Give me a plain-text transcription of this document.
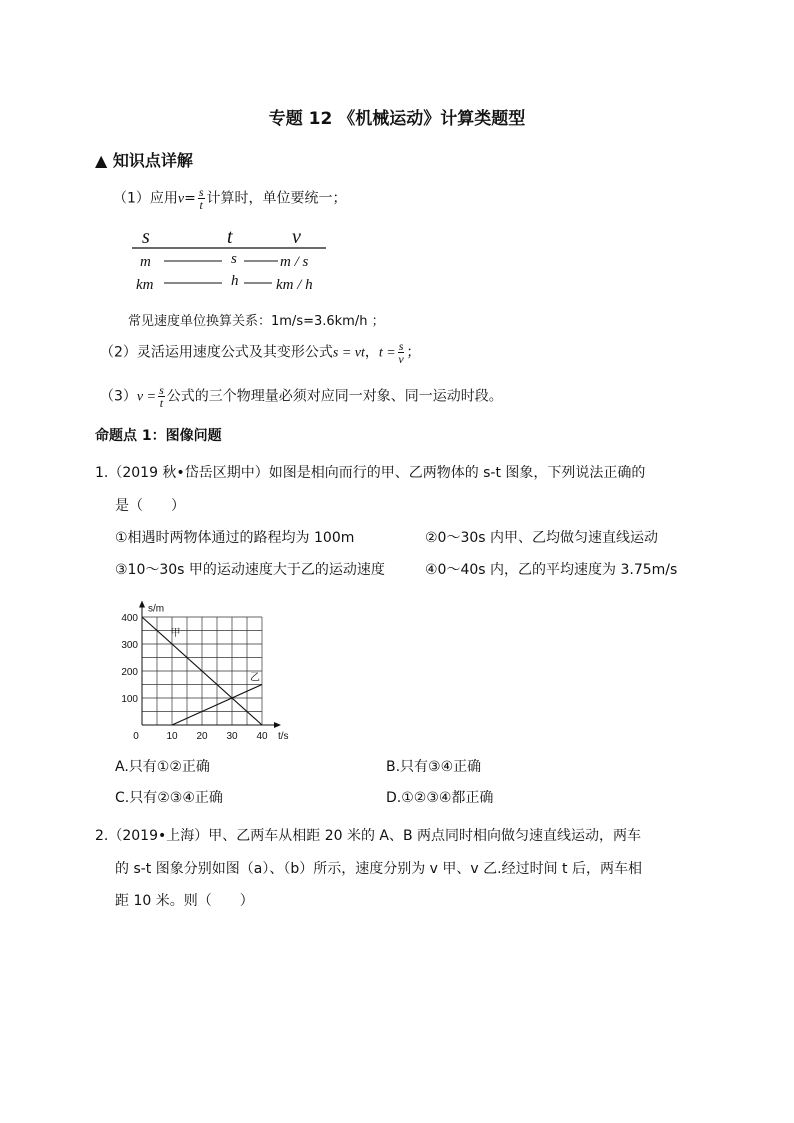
专题 12 《机械运动》计算类题型
▲ 知识点详解
（1）应用$v= \frac{s}{t}$ 计算时，单位要统一；
s	t	v
m	s	m / s
km	h	km / h
常见速度单位换算关系：1m/s=3.6km/h ；
（2）灵活运用速度公式及其变形公式s = vt，$t = \frac{s}{v}$ ；
$(3)v = \frac{s}{t}$ 公式的三个物理量必须对应同一对象、同一运动时段。
命题点 1：图像问题
1.（2019 秋•岱岳区期中）如图是相向而行的甲、乙两物体的 s-t 图象，下列说法正确的
是（　　）
①相遇时两物体通过的路程均为 100m	②0～30s 内甲、乙均做匀速直线运动
③10～30s 甲的运动速度大于乙的运动速度	④0～40s 内，乙的平均速度为 3.75m/s
0	10 20 30 40
100
200
300
400
t/s
s/m
甲
乙
A.只有①②正确	B.只有③④正确
C.只有②③④正确	D.①②③④都正确
2.（2019•上海）甲、乙两车从相距 20 米的 A、B 两点同时相向做匀速直线运动，两车
的 s-t 图象分别如图（a）、（b）所示，速度分别为 v 甲、v 乙.经过时间 t 后，两车相
距 10 米。则（　　）
